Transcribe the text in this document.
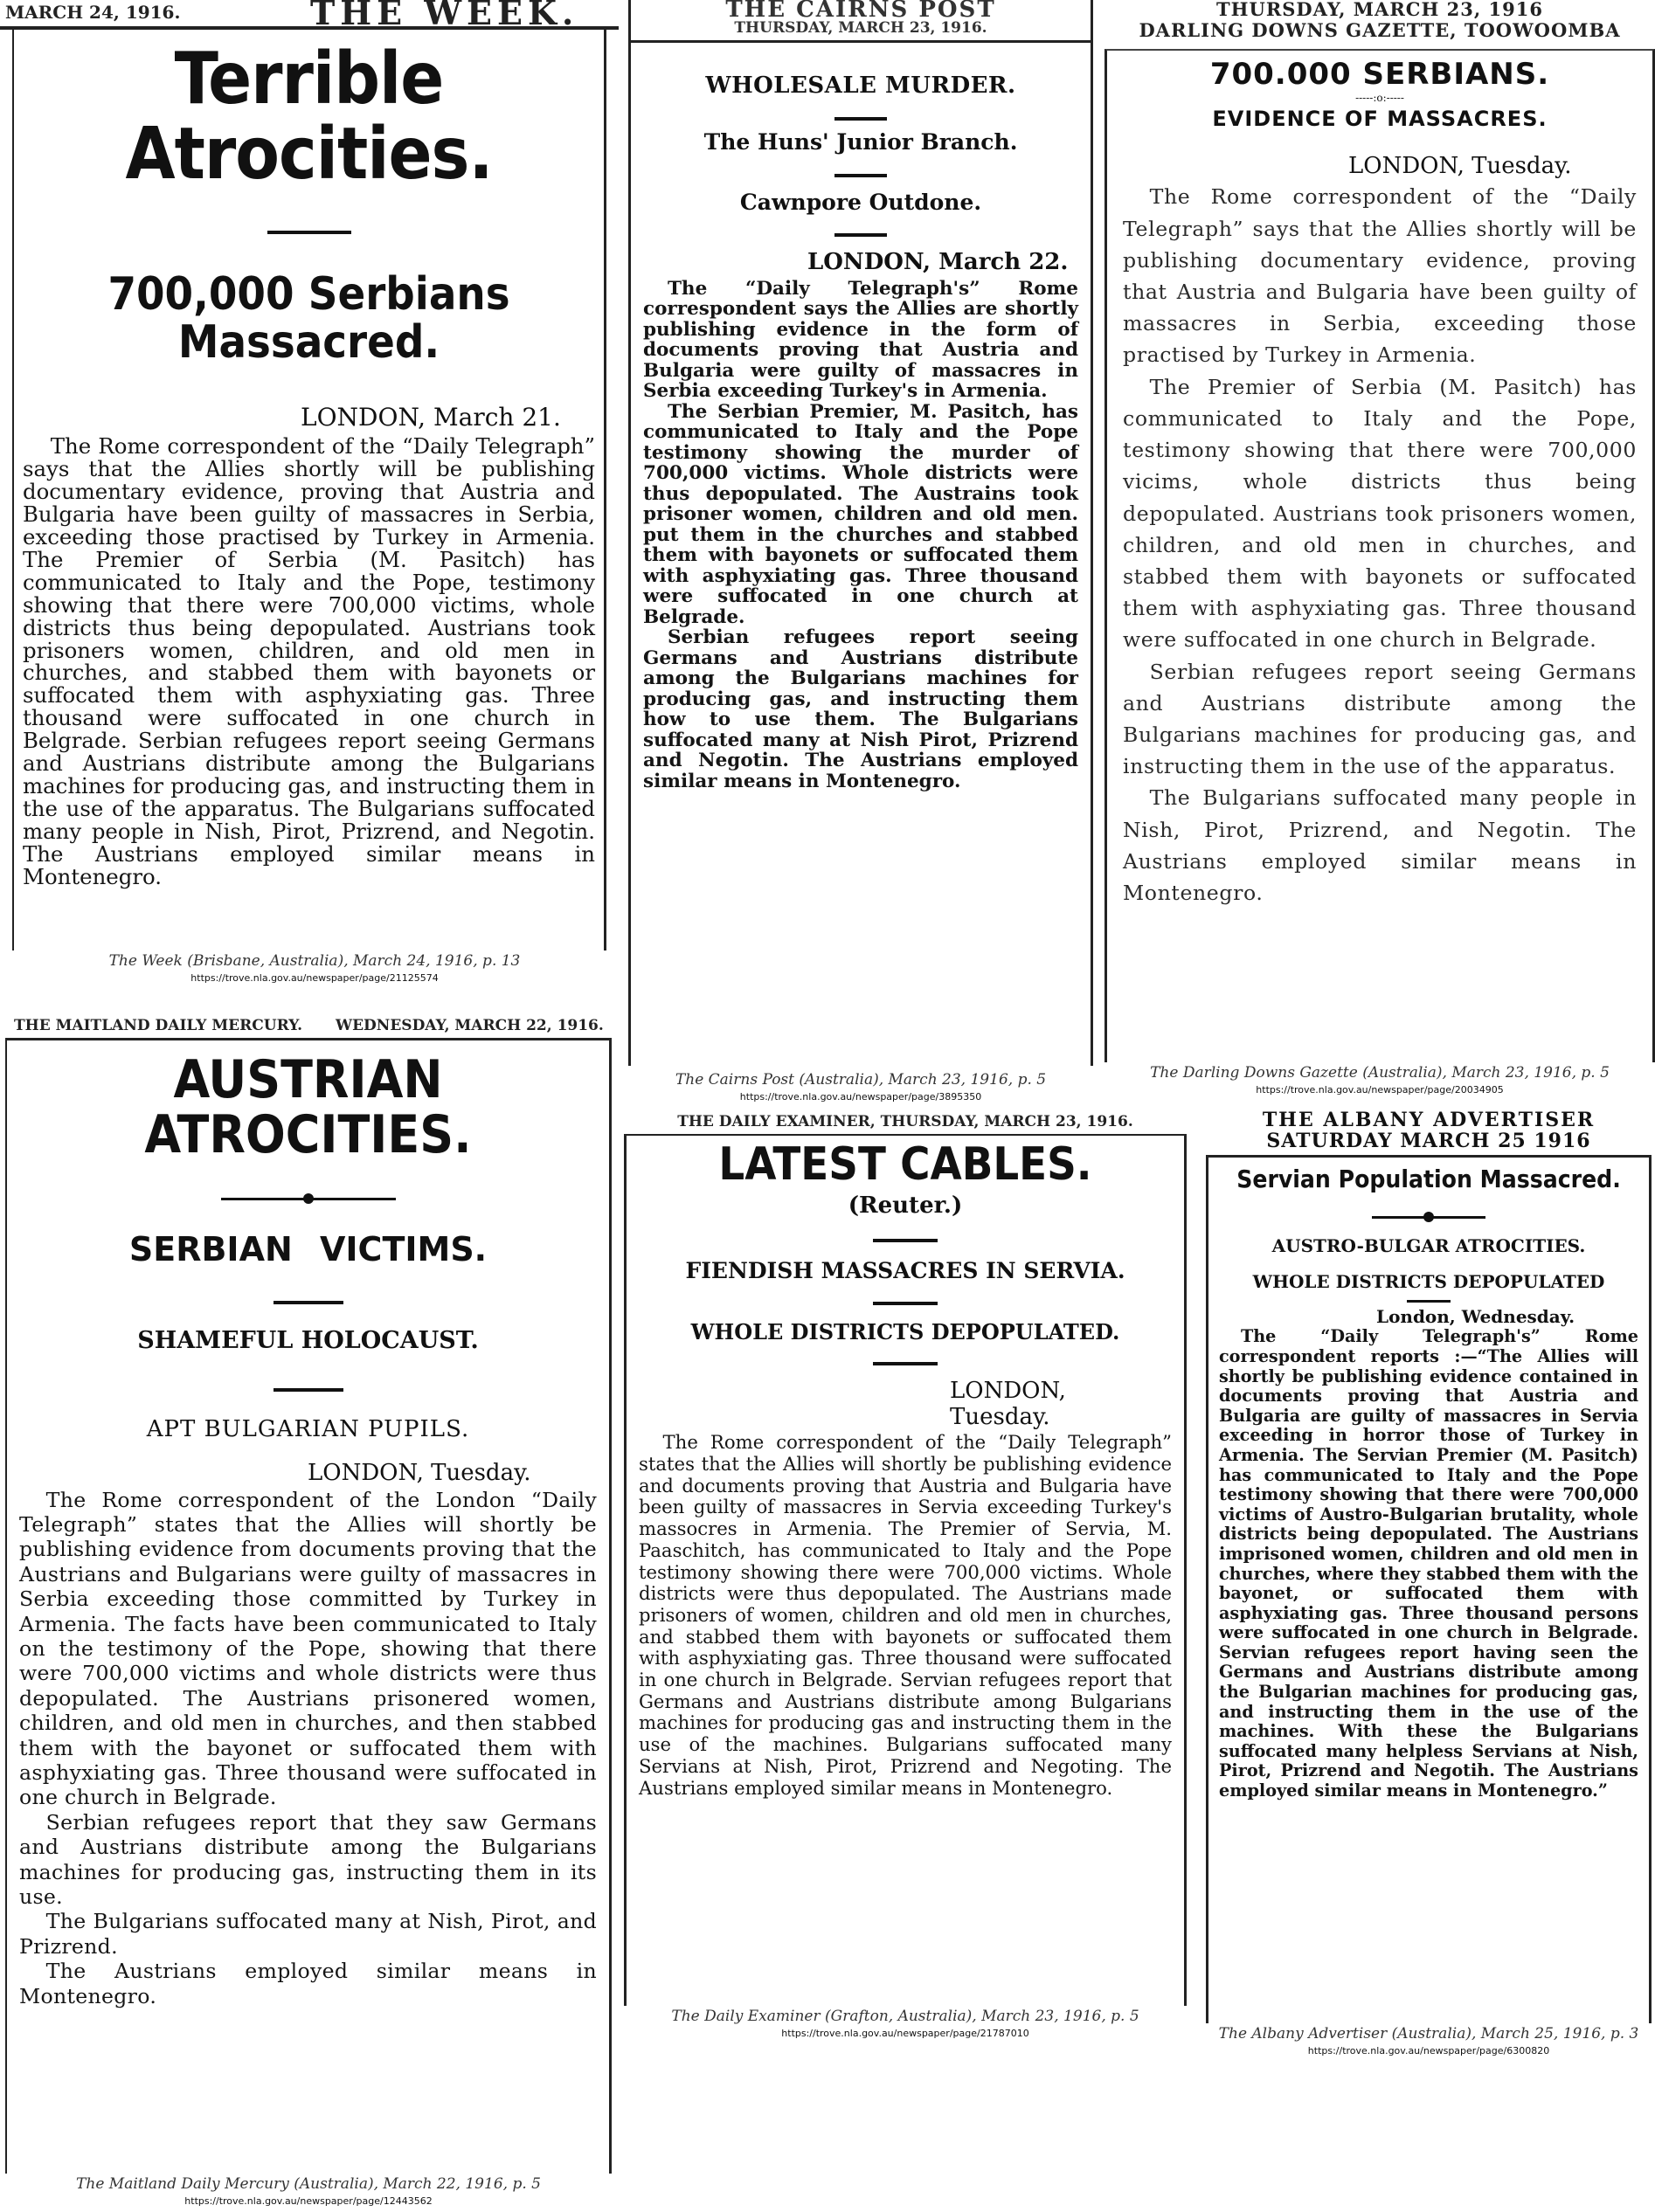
MARCH 24, 1916.	THE WEEK.
Terrible Atrocities.
700,000 Serbians Massacred.

LONDON, March 21.

The Rome correspondent of the “Daily Telegraph” says that the Allies shortly will be publishing documentary evidence, proving that Austria and Bulgaria have been guilty of massacres in Serbia, exceeding those practised by Turkey in Armenia. The Premier of Serbia (M. Pasitch) has communicated to Italy and the Pope, testimony showing that there were 700,000 victims, whole districts thus being depopulated. Austrians took prisoners women, children, and old men in churches, and stabbed them with bayonets or suffocated them with asphyxiating gas. Three thousand were suffocated in one church in Belgrade. Serbian refugees report seeing Germans and Austrians distribute among the Bulgarians machines for producing gas, and instructing them in the use of the apparatus. The Bulgarians suffocated many people in Nish, Pirot, Prizrend, and Negotin. The Austrians employed similar means in Montenegro.

The Week (Brisbane, Australia), March 24, 1916, p. 13
https://trove.nla.gov.au/newspaper/page/21125574
THE CAIRNS POST
THURSDAY, MARCH 23, 1916.
WHOLESALE MURDER.
The Huns' Junior Branch.
Cawnpore Outdone.

LONDON, March 22.

The “Daily Telegraph's” Rome correspondent says the Allies are shortly publishing evidence in the form of documents proving that Austria and Bulgaria were guilty of massacres in Serbia exceeding Turkey's in Armenia.

The Serbian Premier, M. Pasitch, has communicated to Italy and the Pope testimony showing the murder of 700,000 victims. Whole districts were thus depopulated. The Austrains took prisoner women, children and old men. put them in the churches and stabbed them with bayonets or suffocated them with asphyxiating gas. Three thousand were suffocated in one church at Belgrade.

Serbian refugees report seeing Germans and Austrians distribute among the Bulgarians machines for producing gas, and instructing them how to use them. The Bulgarians suffocated many at Nish Pirot, Prizrend and Negotin. The Austrians employed similar means in Montenegro.

The Cairns Post (Australia), March 23, 1916, p. 5
https://trove.nla.gov.au/newspaper/page/3895350
THURSDAY, MARCH 23, 1916
DARLING DOWNS GAZETTE, TOOWOOMBA
700.000 SERBIANS.
-----:o:-----
EVIDENCE OF MASSACRES.

LONDON, Tuesday.

The Rome correspondent of the “Daily Telegraph” says that the Allies shortly will be publishing documentary evidence, proving that Austria and Bulgaria have been guilty of massacres in Serbia, exceeding those practised by Turkey in Armenia.

The Premier of Serbia (M. Pasitch) has communicated to Italy and the Pope, testimony showing that there were 700,000 vicims, whole districts thus being depopulated. Austrians took prisoners women, children, and old men in churches, and stabbed them with bayonets or suffocated them with asphyxiating gas. Three thousand were suffocated in one church in Belgrade.

Serbian refugees report seeing Germans and Austrians distribute among the Bulgarians machines for producing gas, and instructing them in the use of the apparatus.

The Bulgarians suffocated many people in Nish, Pirot, Prizrend, and Negotin. The Austrians employed similar means in Montenegro.

The Darling Downs Gazette (Australia), March 23, 1916, p. 5
https://trove.nla.gov.au/newspaper/page/20034905
THE MAITLAND DAILY MERCURY. WEDNESDAY, MARCH 22, 1916.
AUSTRIAN ATROCITIES.
SERBIAN VICTIMS.
SHAMEFUL HOLOCAUST.
APT BULGARIAN PUPILS.

LONDON, Tuesday.

The Rome correspondent of the London “Daily Telegraph” states that the Allies will shortly be publishing evidence from documents proving that the Austrians and Bulgarians were guilty of massacres in Serbia exceeding those committed by Turkey in Armenia. The facts have been communicated to Italy on the testimony of the Pope, showing that there were 700,000 victims and whole districts were thus depopulated. The Austrians prisonered women, children, and old men in churches, and then stabbed them with the bayonet or suffocated them with asphyxiating gas. Three thousand were suffocated in one church in Belgrade.

Serbian refugees report that they saw Germans and Austrians distribute among the Bulgarians machines for producing gas, instructing them in its use.

The Bulgarians suffocated many at Nish, Pirot, and Prizrend.

The Austrians employed similar means in Montenegro.

The Maitland Daily Mercury (Australia), March 22, 1916, p. 5
https://trove.nla.gov.au/newspaper/page/12443562
THE DAILY EXAMINER, THURSDAY, MARCH 23, 1916.
LATEST CABLES.
(Reuter.)
FIENDISH MASSACRES IN SERVIA.
WHOLE DISTRICTS DEPOPULATED.

LONDON, Tuesday.

The Rome correspondent of the “Daily Telegraph” states that the Allies will shortly be publishing evidence and documents proving that Austria and Bulgaria have been guilty of massacres in Servia exceeding Turkey's massocres in Armenia. The Premier of Servia, M. Paaschitch, has communicated to Italy and the Pope testimony showing there were 700,000 victims. Whole districts were thus depopulated. The Austrians made prisoners of women, children and old men in churches, and stabbed them with bayonets or suffocated them with asphyxiating gas. Three thousand were suffocated in one church in Belgrade. Servian refugees report that Germans and Austrians distribute among Bulgarians machines for producing gas and instructing them in the use of the machines. Bulgarians suffocated many Servians at Nish, Pirot, Prizrend and Negoting. The Austrians employed similar means in Montenegro.

The Daily Examiner (Grafton, Australia), March 23, 1916, p. 5
https://trove.nla.gov.au/newspaper/page/21787010
THE ALBANY ADVERTISER
SATURDAY MARCH 25 1916
Servian Population Massacred.
AUSTRO-BULGAR ATROCITIES.
WHOLE DISTRICTS DEPOPULATED

London, Wednesday.

The “Daily Telegraph's” Rome correspondent reports :—“The Allies will shortly be publishing evidence contained in documents proving that Austria and Bulgaria are guilty of massacres in Servia exceeding in horror those of Turkey in Armenia. The Servian Premier (M. Pasitch) has communicated to Italy and the Pope testimony showing that there were 700,000 victims of Austro-Bulgarian brutality, whole districts being depopulated. The Austrians imprisoned women, children and old men in churches, where they stabbed them with the bayonet, or suffocated them with asphyxiating gas. Three thousand persons were suffocated in one church in Belgrade. Servian refugees report having seen the Germans and Austrians distribute among the Bulgarian machines for producing gas, and instructing them in the use of the machines. With these the Bulgarians suffocated many helpless Servians at Nish, Pirot, Prizrend and Negotih. The Austrians employed similar means in Montenegro.”

The Albany Advertiser (Australia), March 25, 1916, p. 3
https://trove.nla.gov.au/newspaper/page/6300820
